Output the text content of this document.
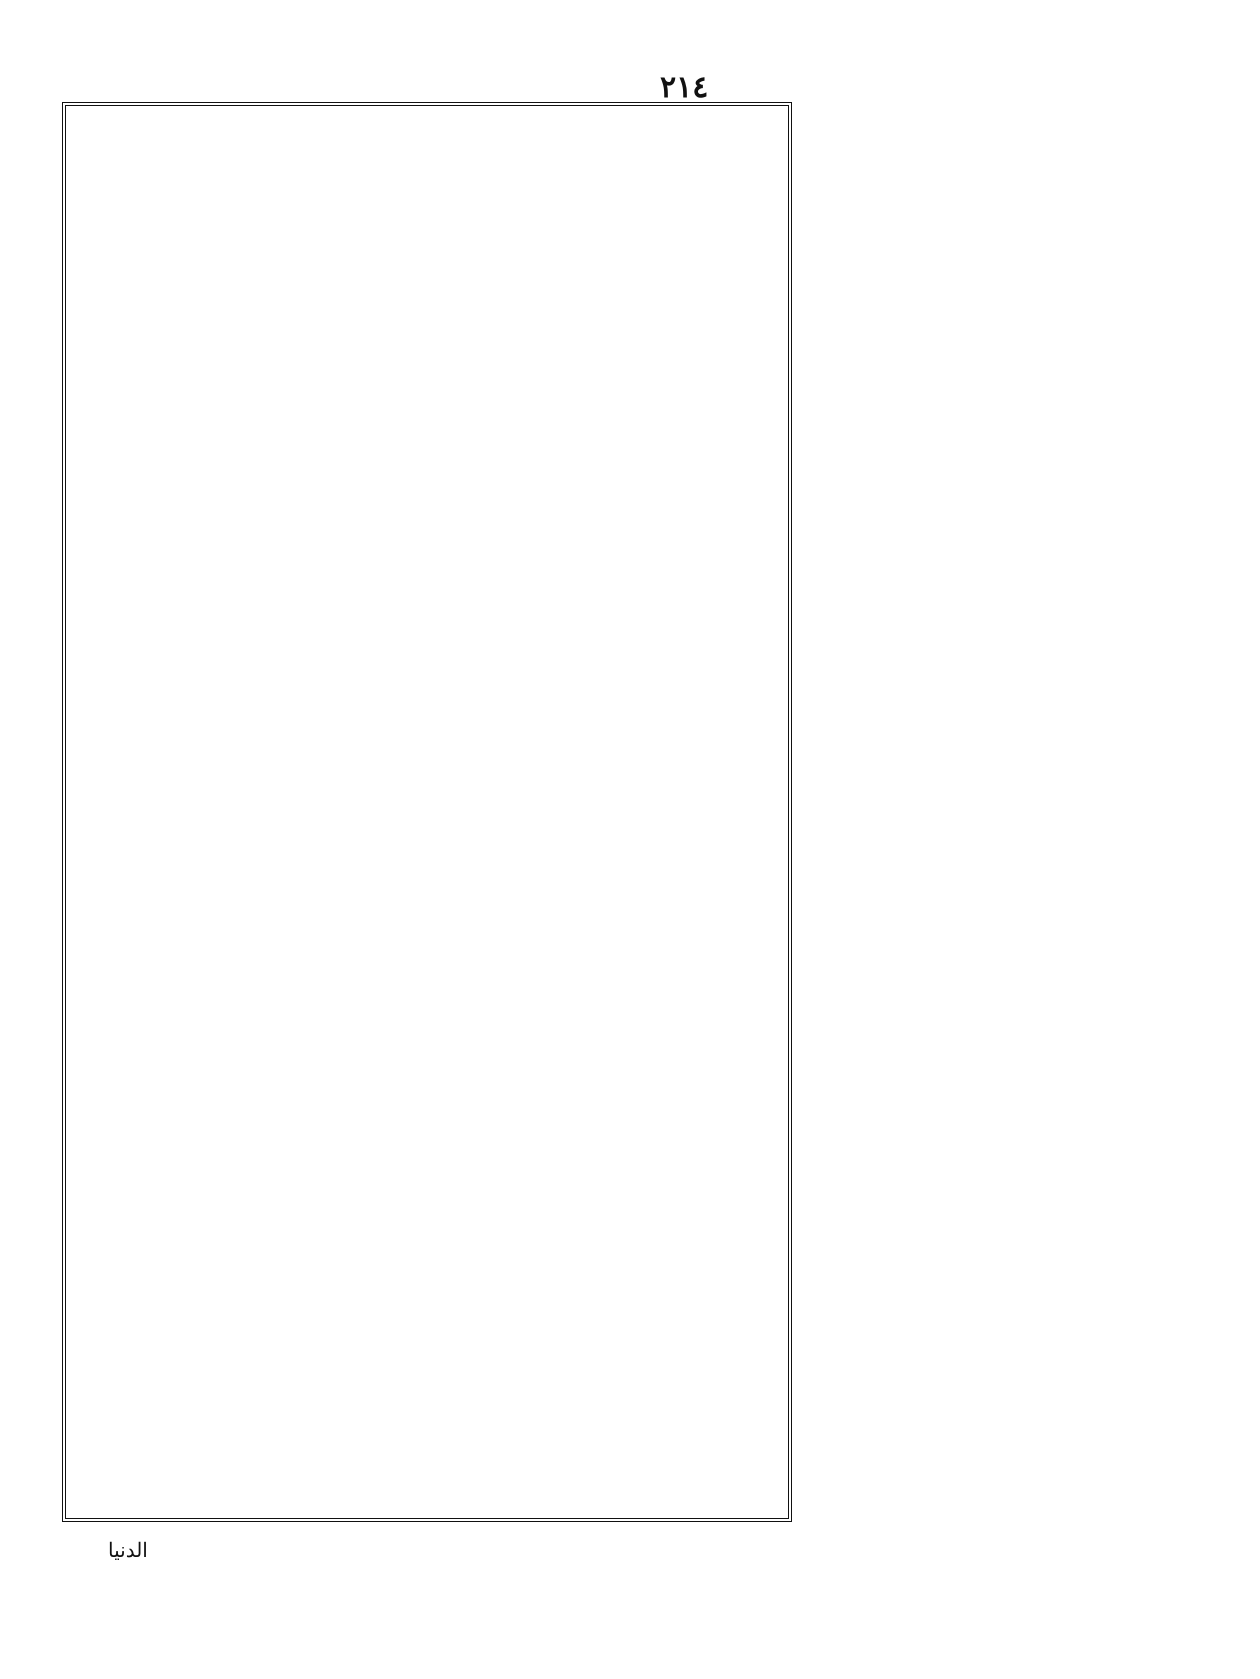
٢١٤
الدنيا
